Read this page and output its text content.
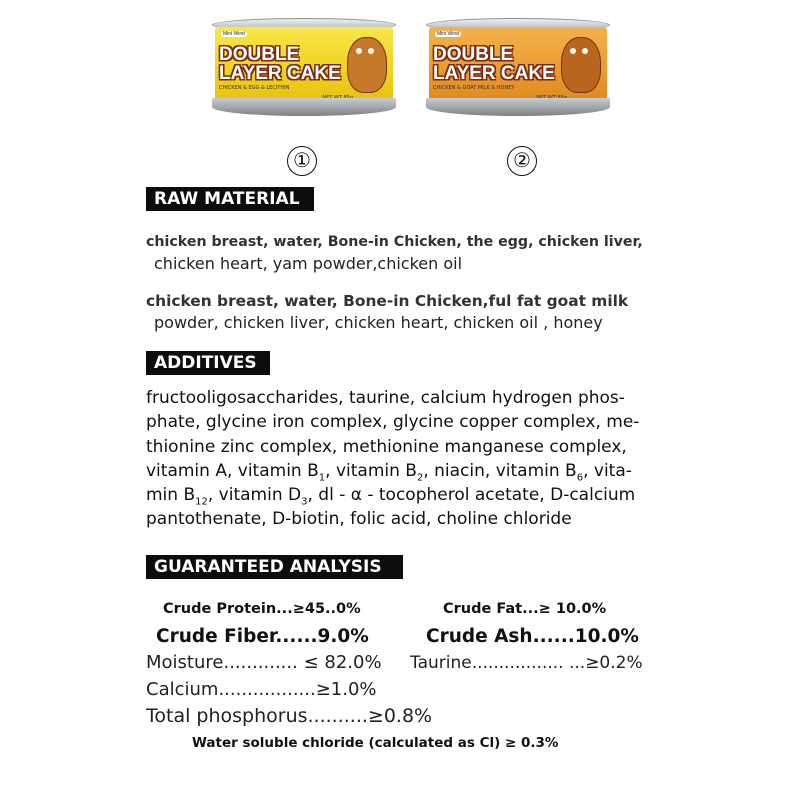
Mini Wind
DOUBLE
LAYER CAKE
CHICKEN & EGG & LECITHIN
Mini Wind
DOUBLE
LAYER CAKE
CHICKEN & GOAT MILK & HONEY
①	②
RAW MATERIAL
chicken breast, water, Bone-in Chicken, the egg, chicken liver,
chicken heart, yam powder,chicken oil
chicken breast, water, Bone-in Chicken,ful fat goat milk
powder, chicken liver, chicken heart, chicken oil , honey
ADDITIVES
fructooligosaccharides, taurine, calcium hydrogen phos-
phate, glycine iron complex, glycine copper complex, me-
thionine zinc complex, methionine manganese complex,
vitamin A, vitamin $B_1$, vitamin $B_2$, niacin, vitamin $B_6$, vita-
$\min B_{12}$, vitamin $D_3$, dl - α - tocopherol acetate, D-calcium
pantothenate, D-biotin, folic acid, choline chloride
GUARANTEED ANALYSIS
Crude Protein...≥45..0%	Crude Fat...≥ 10.0%
Crude Fiber......9.0%	Crude Ash......10.0%
Moisture............. ≤ 82.0% Taurine................. ...≥0.2%
Calcium.................≥1.0%
Total phosphorus..........≥0.8%
Water soluble chloride (calculated as Cl) ≥ 0.3%
